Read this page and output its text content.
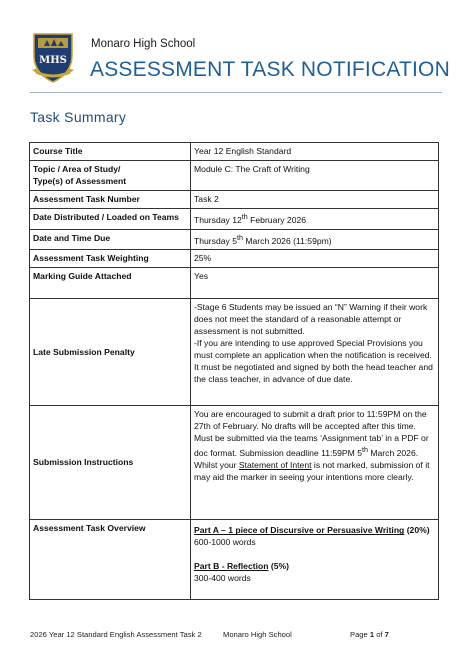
MHS
Monaro High School
ASSESSMENT TASK NOTIFICATION
Task Summary
Course Title	Year 12 English Standard

Topic / Area of Study/
Type(s) of Assessment	Module C: The Craft of Writing
Assessment Task Number	Task 2
Date Distributed / Loaded on Teams	Thursday 12th February 2026
Date and Time Due	Thursday 5th March 2026 (11:59pm)
Assessment Task Weighting	25%
Marking Guide Attached	Yes
Late Submission Penalty	-Stage 6 Students may be issued an “N” Warning if their work does not meet the standard of a reasonable attempt or assessment is not submitted.

-If you are intending to use approved Special Provisions you must complete an application when the notification is received. It must be negotiated and signed by both the head teacher and the class teacher, in advance of due date.

Submission Instructions	You are encouraged to submit a draft prior to 11:59PM on the 27th of February. No drafts will be accepted after this time.

Must be submitted via the teams ‘Assignment tab’ in a PDF or doc format. Submission deadline 11:59PM 5th March 2026.

Whilst your Statement of Intent is not marked, submission of it may aid the marker in seeing your intentions more clearly.

Assessment Task Overview	Part A – 1 piece of Discursive or Persuasive Writing (20%)

600-1000 words

Part B - Reflection (5%)

300-400 words

2026 Year 12 Standard English Assessment Task 2	Monaro High School	Page 1 of 7
